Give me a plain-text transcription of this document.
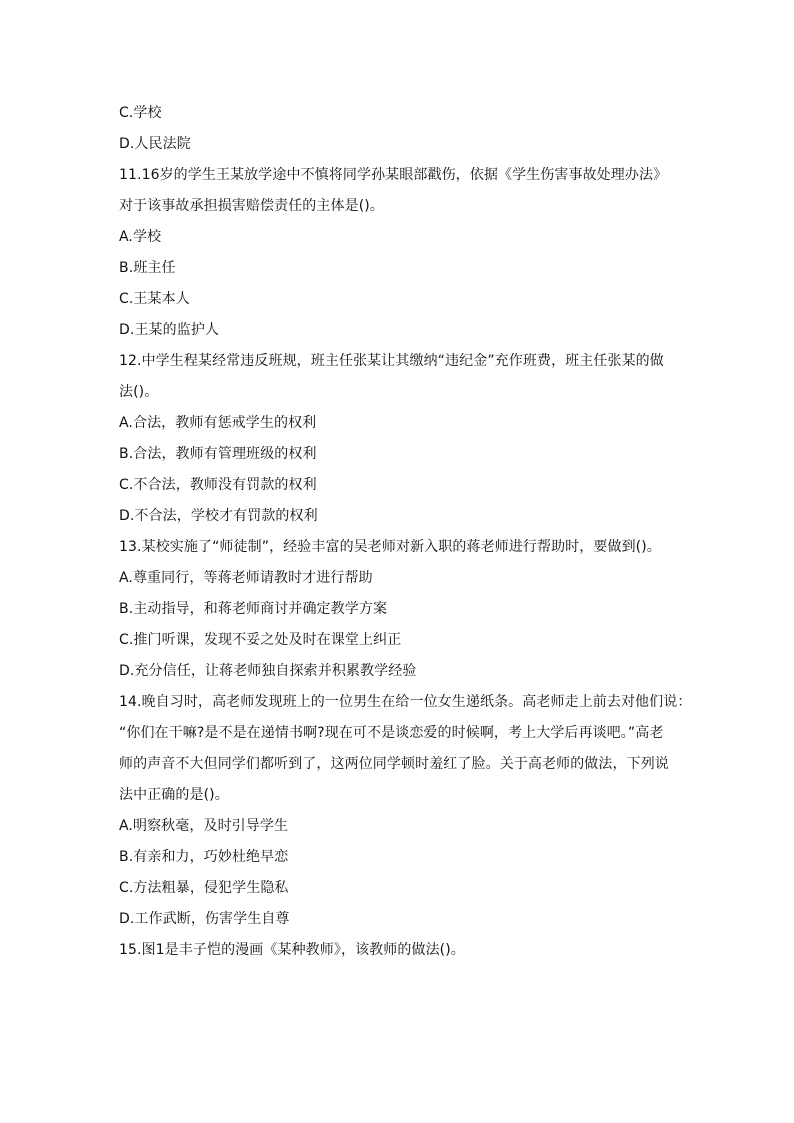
C.学校
D.人民法院
11.16岁的学生王某放学途中不慎将同学孙某眼部戳伤，依据《学生伤害事故处理办法》
对于该事故承担损害赔偿责任的主体是()。
A.学校
B.班主任
C.王某本人
D.王某的监护人
12.中学生程某经常违反班规，班主任张某让其缴纳“违纪金”充作班费，班主任张某的做
法()。
A.合法，教师有惩戒学生的权利
B.合法，教师有管理班级的权利
C.不合法，教师没有罚款的权利
D.不合法，学校才有罚款的权利
13.某校实施了“师徒制”，经验丰富的吴老师对新入职的蒋老师进行帮助时，要做到()。
A.尊重同行，等蒋老师请教时才进行帮助
B.主动指导，和蒋老师商讨并确定教学方案
C.推门听课，发现不妥之处及时在课堂上纠正
D.充分信任，让蒋老师独自探索并积累教学经验
14.晚自习时，高老师发现班上的一位男生在给一位女生递纸条。高老师走上前去对他们说：
“你们在干嘛?是不是在递情书啊?现在可不是谈恋爱的时候啊，考上大学后再谈吧。”高老
师的声音不大但同学们都听到了，这两位同学顿时羞红了脸。关于高老师的做法，下列说
法中正确的是()。
A.明察秋毫，及时引导学生
B.有亲和力，巧妙杜绝早恋
C.方法粗暴，侵犯学生隐私
D.工作武断，伤害学生自尊
15.图1是丰子恺的漫画《某种教师》，该教师的做法()。
